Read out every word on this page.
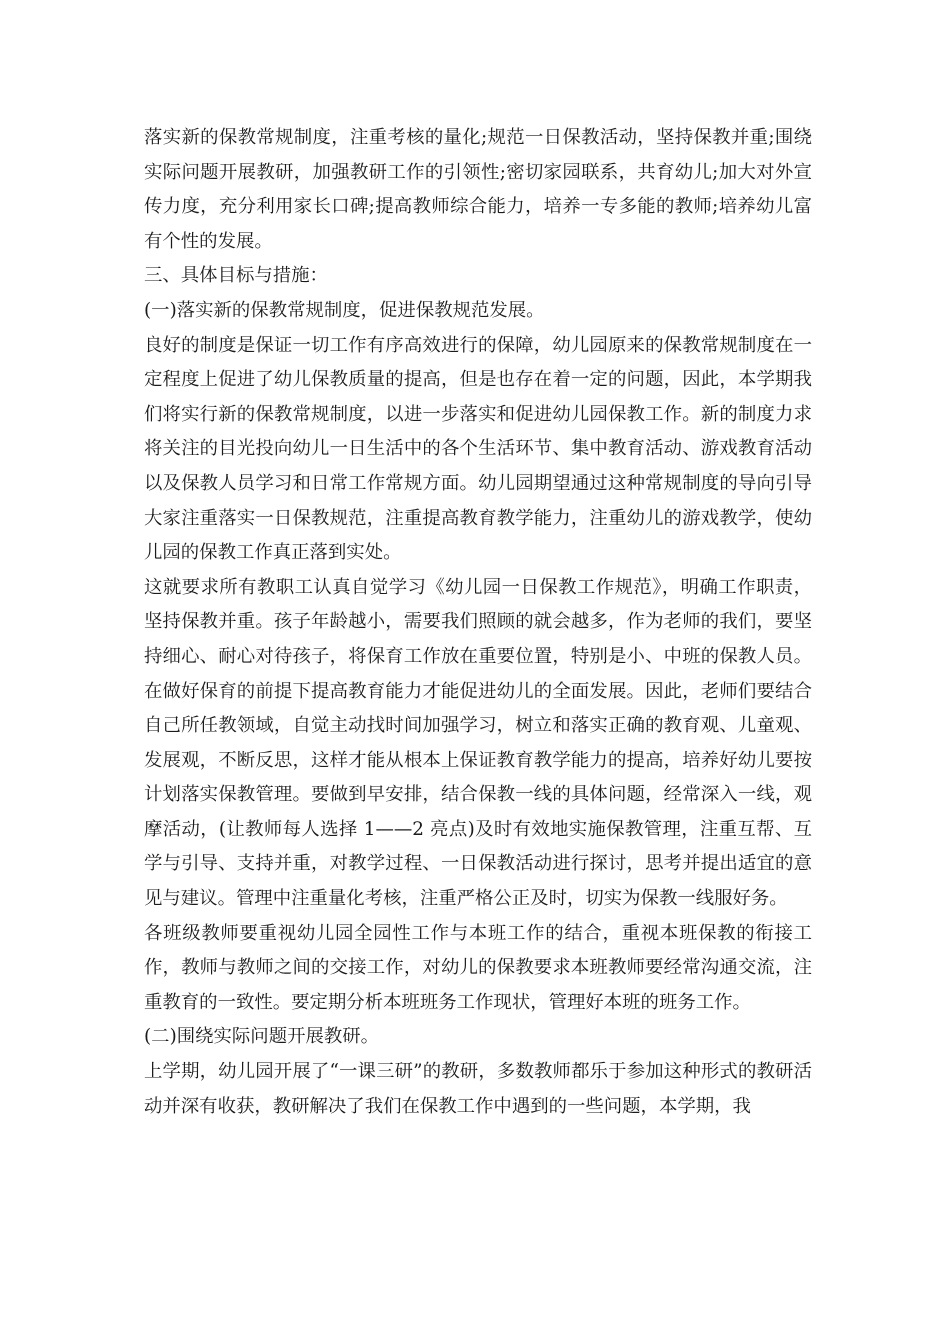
落实新的保教常规制度，注重考核的量化;规范一日保教活动，坚持保教并重;围绕实际问题开展教研，加强教研工作的引领性;密切家园联系，共育幼儿;加大对外宣传力度，充分利用家长口碑;提高教师综合能力，培养一专多能的教师;培养幼儿富有个性的发展。

三、具体目标与措施：

(一)落实新的保教常规制度，促进保教规范发展。

良好的制度是保证一切工作有序高效进行的保障，幼儿园原来的保教常规制度在一定程度上促进了幼儿保教质量的提高，但是也存在着一定的问题，因此，本学期我们将实行新的保教常规制度，以进一步落实和促进幼儿园保教工作。新的制度力求将关注的目光投向幼儿一日生活中的各个生活环节、集中教育活动、游戏教育活动以及保教人员学习和日常工作常规方面。幼儿园期望通过这种常规制度的导向引导大家注重落实一日保教规范，注重提高教育教学能力，注重幼儿的游戏教学，使幼儿园的保教工作真正落到实处。

这就要求所有教职工认真自觉学习《幼儿园一日保教工作规范》，明确工作职责，坚持保教并重。孩子年龄越小，需要我们照顾的就会越多，作为老师的我们，要坚持细心、耐心对待孩子，将保育工作放在重要位置，特别是小、中班的保教人员。在做好保育的前提下提高教育能力才能促进幼儿的全面发展。因此，老师们要结合自己所任教领域，自觉主动找时间加强学习，树立和落实正确的教育观、儿童观、发展观，不断反思，这样才能从根本上保证教育教学能力的提高，培养好幼儿要按计划落实保教管理。要做到早安排，结合保教一线的具体问题，经常深入一线，观摩活动，(让教师每人选择 1——2 亮点)及时有效地实施保教管理，注重互帮、互学与引导、支持并重，对教学过程、一日保教活动进行探讨，思考并提出适宜的意见与建议。管理中注重量化考核，注重严格公正及时，切实为保教一线服好务。

各班级教师要重视幼儿园全园性工作与本班工作的结合，重视本班保教的衔接工作，教师与教师之间的交接工作，对幼儿的保教要求本班教师要经常沟通交流，注重教育的一致性。要定期分析本班班务工作现状，管理好本班的班务工作。

(二)围绕实际问题开展教研。

上学期，幼儿园开展了“一课三研”的教研，多数教师都乐于参加这种形式的教研活动并深有收获，教研解决了我们在保教工作中遇到的一些问题，本学期，我
